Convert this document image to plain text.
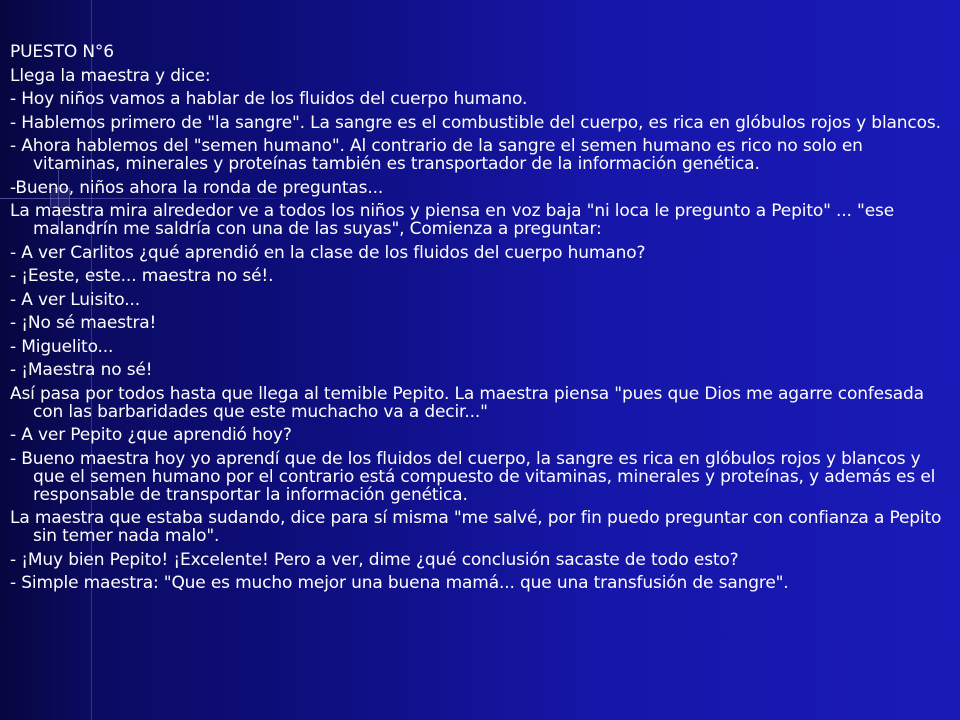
PUESTO N°6
Llega la maestra y dice:
- Hoy niños vamos a hablar de los fluidos del cuerpo humano.
- Hablemos primero de "la sangre". La sangre es el combustible del cuerpo, es rica en glóbulos rojos y blancos.
- Ahora hablemos del "semen humano". Al contrario de la sangre el semen humano es rico no solo en vitaminas, minerales y proteínas también es transportador de la información genética.
-Bueno, niños ahora la ronda de preguntas...
La maestra mira alrededor ve a todos los niños y piensa en voz baja "ni loca le pregunto a Pepito" ... "ese malandrín me saldría con una de las suyas", Comienza a preguntar:
- A ver Carlitos ¿qué aprendió en la clase de los fluidos del cuerpo humano?
- ¡Eeste, este... maestra no sé!.
- A ver Luisito...
- ¡No sé maestra!
- Miguelito...
- ¡Maestra no sé!
Así pasa por todos hasta que llega al temible Pepito. La maestra piensa "pues que Dios me agarre confesada con las barbaridades que este muchacho va a decir..."
- A ver Pepito ¿que aprendió hoy?
- Bueno maestra hoy yo aprendí que de los fluidos del cuerpo, la sangre es rica en glóbulos rojos y blancos y que el semen humano por el contrario está compuesto de vitaminas, minerales y proteínas, y además es el responsable de transportar la información genética.
La maestra que estaba sudando, dice para sí misma "me salvé, por fin puedo preguntar con confianza a Pepito sin temer nada malo".
- ¡Muy bien Pepito! ¡Excelente! Pero a ver, dime ¿qué conclusión sacaste de todo esto?
- Simple maestra: "Que es mucho mejor una buena mamá... que una transfusión de sangre".
